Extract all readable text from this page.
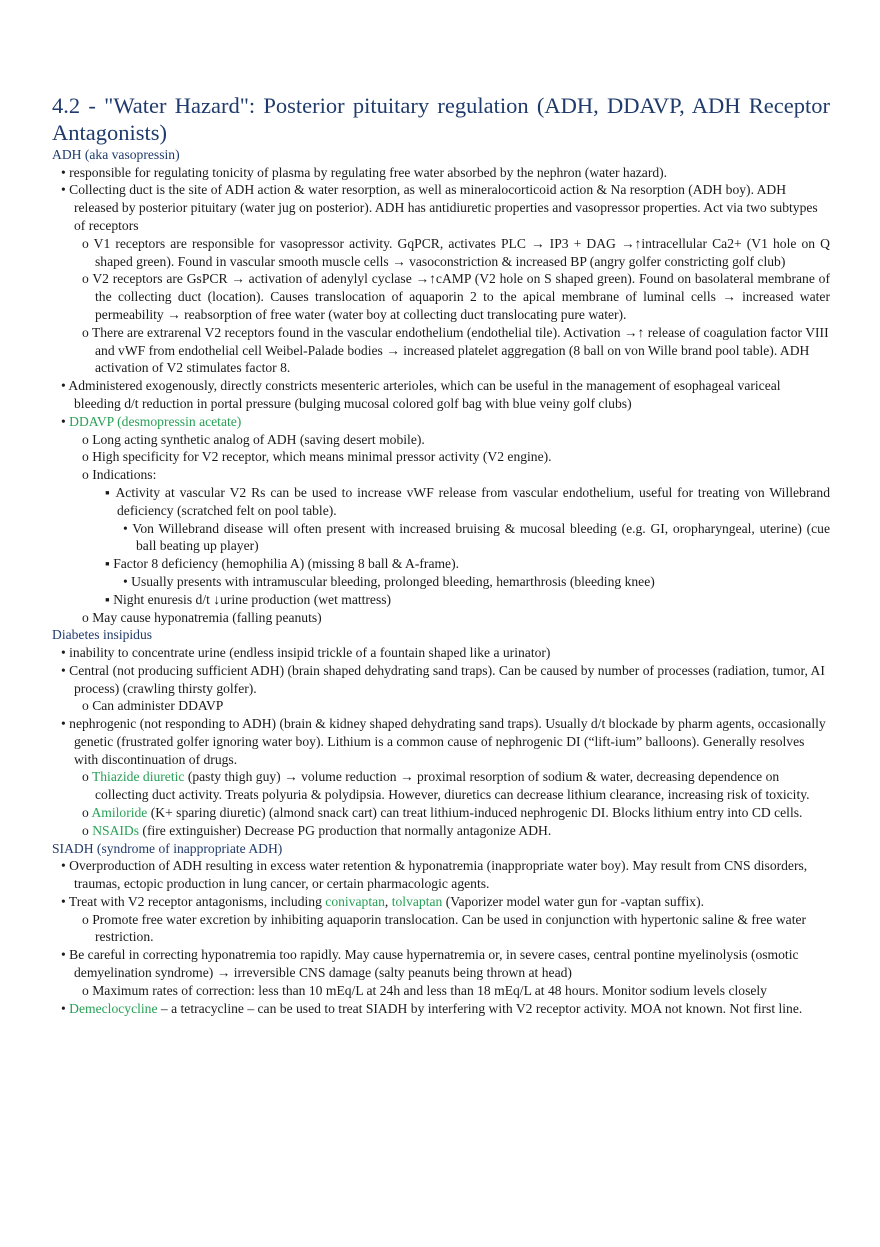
4.2 - "Water Hazard": Posterior pituitary regulation (ADH, DDAVP, ADH Receptor Antagonists)
ADH (aka vasopressin)

• responsible for regulating tonicity of plasma by regulating free water absorbed by the nephron (water hazard).

• Collecting duct is the site of ADH action & water resorption, as well as mineralocorticoid action & Na resorption (ADH boy). ADH released by posterior pituitary (water jug on posterior). ADH has antidiuretic properties and vasopressor properties. Act via two subtypes of receptors

o V1 receptors are responsible for vasopressor activity. GqPCR, activates PLC → IP3 + DAG →↑intracellular Ca2+ (V1 hole on Q shaped green). Found in vascular smooth muscle cells → vasoconstriction & increased BP (angry golfer constricting golf club)

o V2 receptors are GsPCR → activation of adenylyl cyclase →↑cAMP (V2 hole on S shaped green). Found on basolateral membrane of the collecting duct (location). Causes translocation of aquaporin 2 to the apical membrane of luminal cells → increased water permeability → reabsorption of free water (water boy at collecting duct translocating pure water).

o There are extrarenal V2 receptors found in the vascular endothelium (endothelial tile). Activation →↑ release of coagulation factor VIII and vWF from endothelial cell Weibel-Palade bodies → increased platelet aggregation (8 ball on von Wille brand pool table). ADH activation of V2 stimulates factor 8.

• Administered exogenously, directly constricts mesenteric arterioles, which can be useful in the management of esophageal variceal bleeding d/t reduction in portal pressure (bulging mucosal colored golf bag with blue veiny golf clubs)

• DDAVP (desmopressin acetate)

o Long acting synthetic analog of ADH (saving desert mobile).

o High specificity for V2 receptor, which means minimal pressor activity (V2 engine).

o Indications:

▪ Activity at vascular V2 Rs can be used to increase vWF release from vascular endothelium, useful for treating von Willebrand deficiency (scratched felt on pool table).

• Von Willebrand disease will often present with increased bruising & mucosal bleeding (e.g. GI, oropharyngeal, uterine) (cue ball beating up player)

▪ Factor 8 deficiency (hemophilia A) (missing 8 ball & A-frame).

• Usually presents with intramuscular bleeding, prolonged bleeding, hemarthrosis (bleeding knee)

▪ Night enuresis d/t ↓urine production (wet mattress)

o May cause hyponatremia (falling peanuts)

Diabetes insipidus

• inability to concentrate urine (endless insipid trickle of a fountain shaped like a urinator)

• Central (not producing sufficient ADH) (brain shaped dehydrating sand traps). Can be caused by number of processes (radiation, tumor, AI process) (crawling thirsty golfer).

o Can administer DDAVP

• nephrogenic (not responding to ADH) (brain & kidney shaped dehydrating sand traps). Usually d/t blockade by pharm agents, occasionally genetic (frustrated golfer ignoring water boy). Lithium is a common cause of nephrogenic DI (“lift-ium” balloons). Generally resolves with discontinuation of drugs.

o Thiazide diuretic (pasty thigh guy) → volume reduction → proximal resorption of sodium & water, decreasing dependence on collecting duct activity. Treats polyuria & polydipsia. However, diuretics can decrease lithium clearance, increasing risk of toxicity.

o Amiloride (K+ sparing diuretic) (almond snack cart) can treat lithium-induced nephrogenic DI. Blocks lithium entry into CD cells.

o NSAIDs (fire extinguisher) Decrease PG production that normally antagonize ADH.

SIADH (syndrome of inappropriate ADH)

• Overproduction of ADH resulting in excess water retention & hyponatremia (inappropriate water boy). May result from CNS disorders, traumas, ectopic production in lung cancer, or certain pharmacologic agents.

• Treat with V2 receptor antagonisms, including conivaptan, tolvaptan (Vaporizer model water gun for -vaptan suffix).

o Promote free water excretion by inhibiting aquaporin translocation. Can be used in conjunction with hypertonic saline & free water restriction.

• Be careful in correcting hyponatremia too rapidly. May cause hypernatremia or, in severe cases, central pontine myelinolysis (osmotic demyelination syndrome) → irreversible CNS damage (salty peanuts being thrown at head)

o Maximum rates of correction: less than 10 mEq/L at 24h and less than 18 mEq/L at 48 hours. Monitor sodium levels closely

• Demeclocycline – a tetracycline – can be used to treat SIADH by interfering with V2 receptor activity. MOA not known. Not first line.
